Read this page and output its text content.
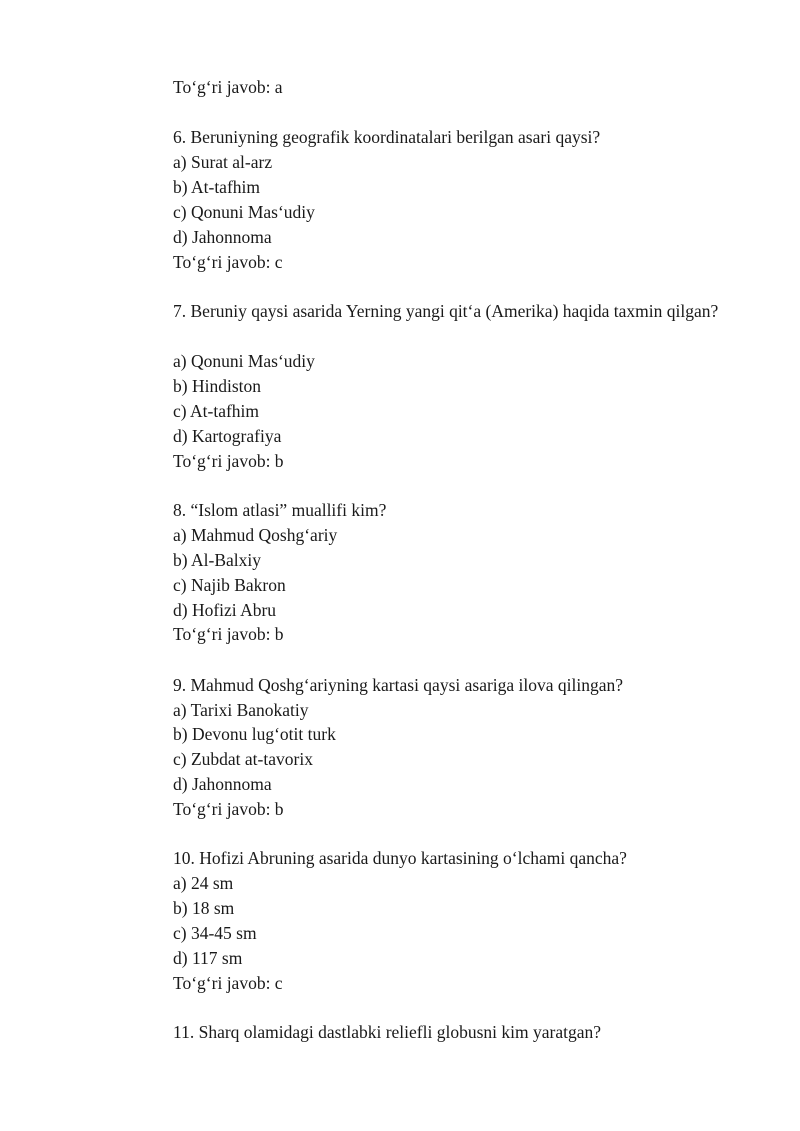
To‘g‘ri javob: a
6. Beruniyning geografik koordinatalari berilgan asari qaysi?
a) Surat al-arz
b) At-tafhim
c) Qonuni Mas‘udiy
d) Jahonnoma
To‘g‘ri javob: c
7. Beruniy qaysi asarida Yerning yangi qit‘a (Amerika) haqida taxmin qilgan?
a) Qonuni Mas‘udiy
b) Hindiston
c) At-tafhim
d) Kartografiya
To‘g‘ri javob: b
8. “Islom atlasi” muallifi kim?
a) Mahmud Qoshg‘ariy
b) Al-Balxiy
c) Najib Bakron
d) Hofizi Abru
To‘g‘ri javob: b
9. Mahmud Qoshg‘ariyning kartasi qaysi asariga ilova qilingan?
a) Tarixi Banokatiy
b) Devonu lug‘otit turk
c) Zubdat at-tavorix
d) Jahonnoma
To‘g‘ri javob: b
10. Hofizi Abruning asarida dunyo kartasining o‘lchami qancha?
a) 24 sm
b) 18 sm
c) 34-45 sm
d) 117 sm
To‘g‘ri javob: c
11. Sharq olamidagi dastlabki reliefli globusni kim yaratgan?
